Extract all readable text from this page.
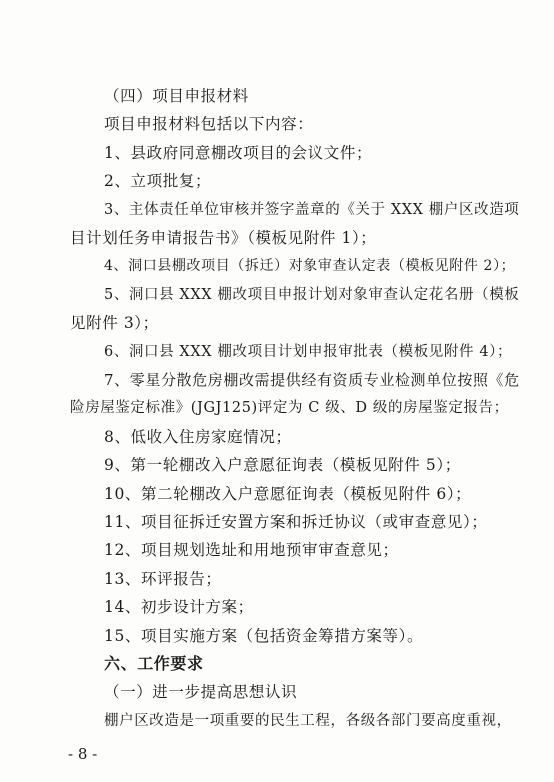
（四）项目申报材料
项目申报材料包括以下内容：
1、县政府同意棚改项目的会议文件；
2、立项批复；
3、主体责任单位审核并签字盖章的《关于 XXX 棚户区改造项
目计划任务申请报告书》（模板见附件 1）；
4、洞口县棚改项目（拆迁）对象审查认定表（模板见附件 2）；
5、洞口县 XXX 棚改项目申报计划对象审查认定花名册（模板
见附件 3）；
6、洞口县 XXX 棚改项目计划申报审批表（模板见附件 4）；
7、零星分散危房棚改需提供经有资质专业检测单位按照《危
险房屋鉴定标准》(JGJ125)评定为 C 级、D 级的房屋鉴定报告；
8、低收入住房家庭情况；
9、第一轮棚改入户意愿征询表（模板见附件 5）；
10、第二轮棚改入户意愿征询表（模板见附件 6）；
11、项目征拆迁安置方案和拆迁协议（或审查意见）；
12、项目规划选址和用地预审审查意见；
13、环评报告；
14、初步设计方案；
15、项目实施方案（包括资金筹措方案等）。
六、工作要求
（一）进一步提高思想认识
棚户区改造是一项重要的民生工程，各级各部门要高度重视，
- 8 -
